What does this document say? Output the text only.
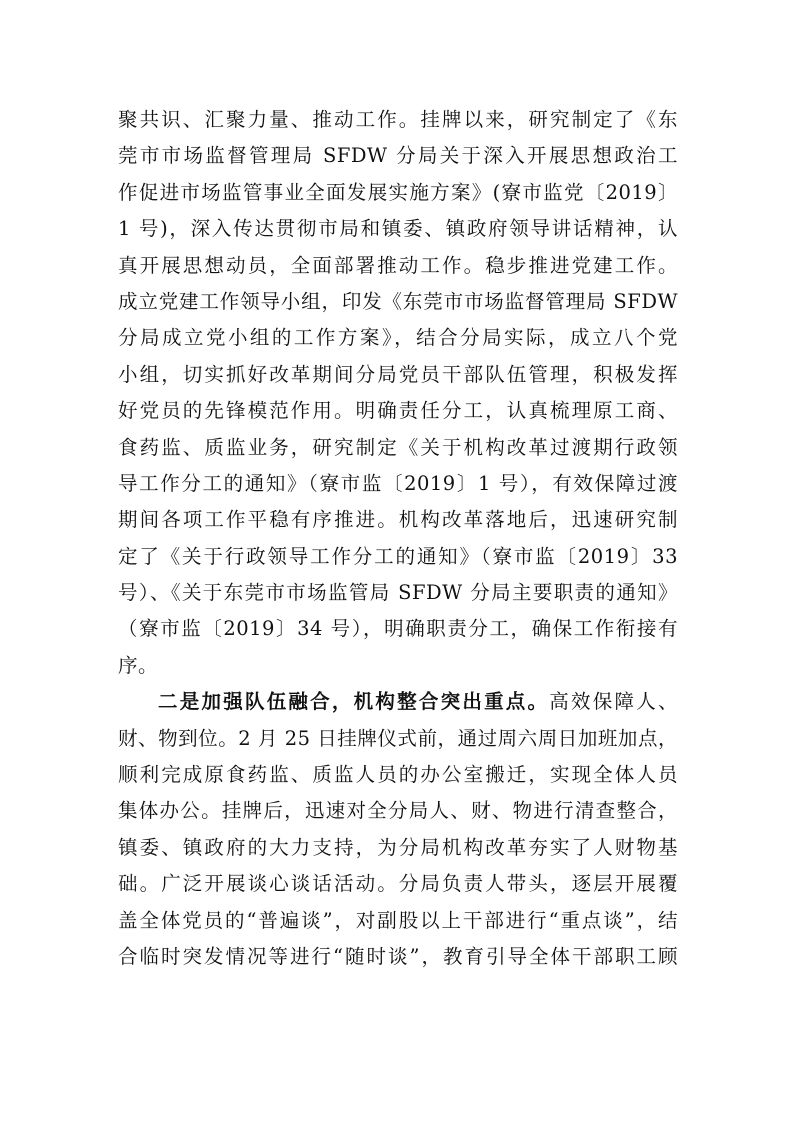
聚共识、汇聚力量、推动工作。挂牌以来，研究制定了《东
莞市市场监督管理局 SFDW 分局关于深入开展思想政治工
作促进市场监管事业全面发展实施方案》(寮市监党〔2019〕
1 号)，深入传达贯彻市局和镇委、镇政府领导讲话精神，认
真开展思想动员，全面部署推动工作。稳步推进党建工作。
成立党建工作领导小组，印发《东莞市市场监督管理局 SFDW
分局成立党小组的工作方案》，结合分局实际，成立八个党
小组，切实抓好改革期间分局党员干部队伍管理，积极发挥
好党员的先锋模范作用。明确责任分工，认真梳理原工商、
食药监、质监业务，研究制定《关于机构改革过渡期行政领
导工作分工的通知》（寮市监〔2019〕1 号），有效保障过渡
期间各项工作平稳有序推进。机构改革落地后，迅速研究制
定了《关于行政领导工作分工的通知》（寮市监〔2019〕33
号）、《关于东莞市市场监管局 SFDW 分局主要职责的通知》
（寮市监〔2019〕34 号），明确职责分工，确保工作衔接有
序。
二是加强队伍融合，机构整合突出重点。高效保障人、
财、物到位。2 月 25 日挂牌仪式前，通过周六周日加班加点，
顺利完成原食药监、质监人员的办公室搬迁，实现全体人员
集体办公。挂牌后，迅速对全分局人、财、物进行清查整合，
镇委、镇政府的大力支持，为分局机构改革夯实了人财物基
础。广泛开展谈心谈话活动。分局负责人带头，逐层开展覆
盖全体党员的“普遍谈”，对副股以上干部进行“重点谈”，结
合临时突发情况等进行“随时谈”，教育引导全体干部职工顾
